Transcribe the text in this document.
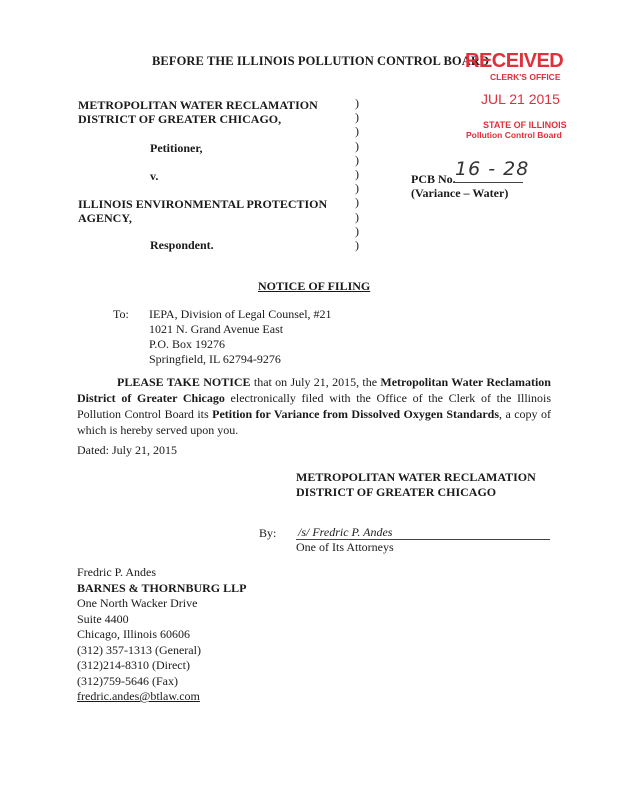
BEFORE THE ILLINOIS POLLUTION CONTROL BOARD
RECEIVED
CLERK'S OFFICE
JUL 21 2015
STATE OF ILLINOIS
Pollution Control Board
METROPOLITAN WATER RECLAMATION
DISTRICT OF GREATER CHICAGO,
Petitioner,
v.
ILLINOIS ENVIRONMENTAL PROTECTION
AGENCY,
Respondent.
)
)
)
)
)
)
)
)
)
)
)
PCB No. 16 - 28
(Variance – Water)
NOTICE OF FILING
To: IEPA, Division of Legal Counsel, #21
1021 N. Grand Avenue East
P.O. Box 19276
Springfield, IL 62794-9276
PLEASE TAKE NOTICE that on July 21, 2015, the Metropolitan Water Reclamation District of Greater Chicago electronically filed with the Office of the Clerk of the Illinois Pollution Control Board its Petition for Variance from Dissolved Oxygen Standards, a copy of which is hereby served upon you.
Dated: July 21, 2015
METROPOLITAN WATER RECLAMATION
DISTRICT OF GREATER CHICAGO
By: /s/ Fredric P. Andes
One of Its Attorneys
Fredric P. Andes
BARNES & THORNBURG LLP
One North Wacker Drive
Suite 4400
Chicago, Illinois 60606
(312) 357-1313 (General)
(312)214-8310 (Direct)
(312)759-5646 (Fax)
fredric.andes@btlaw.com
